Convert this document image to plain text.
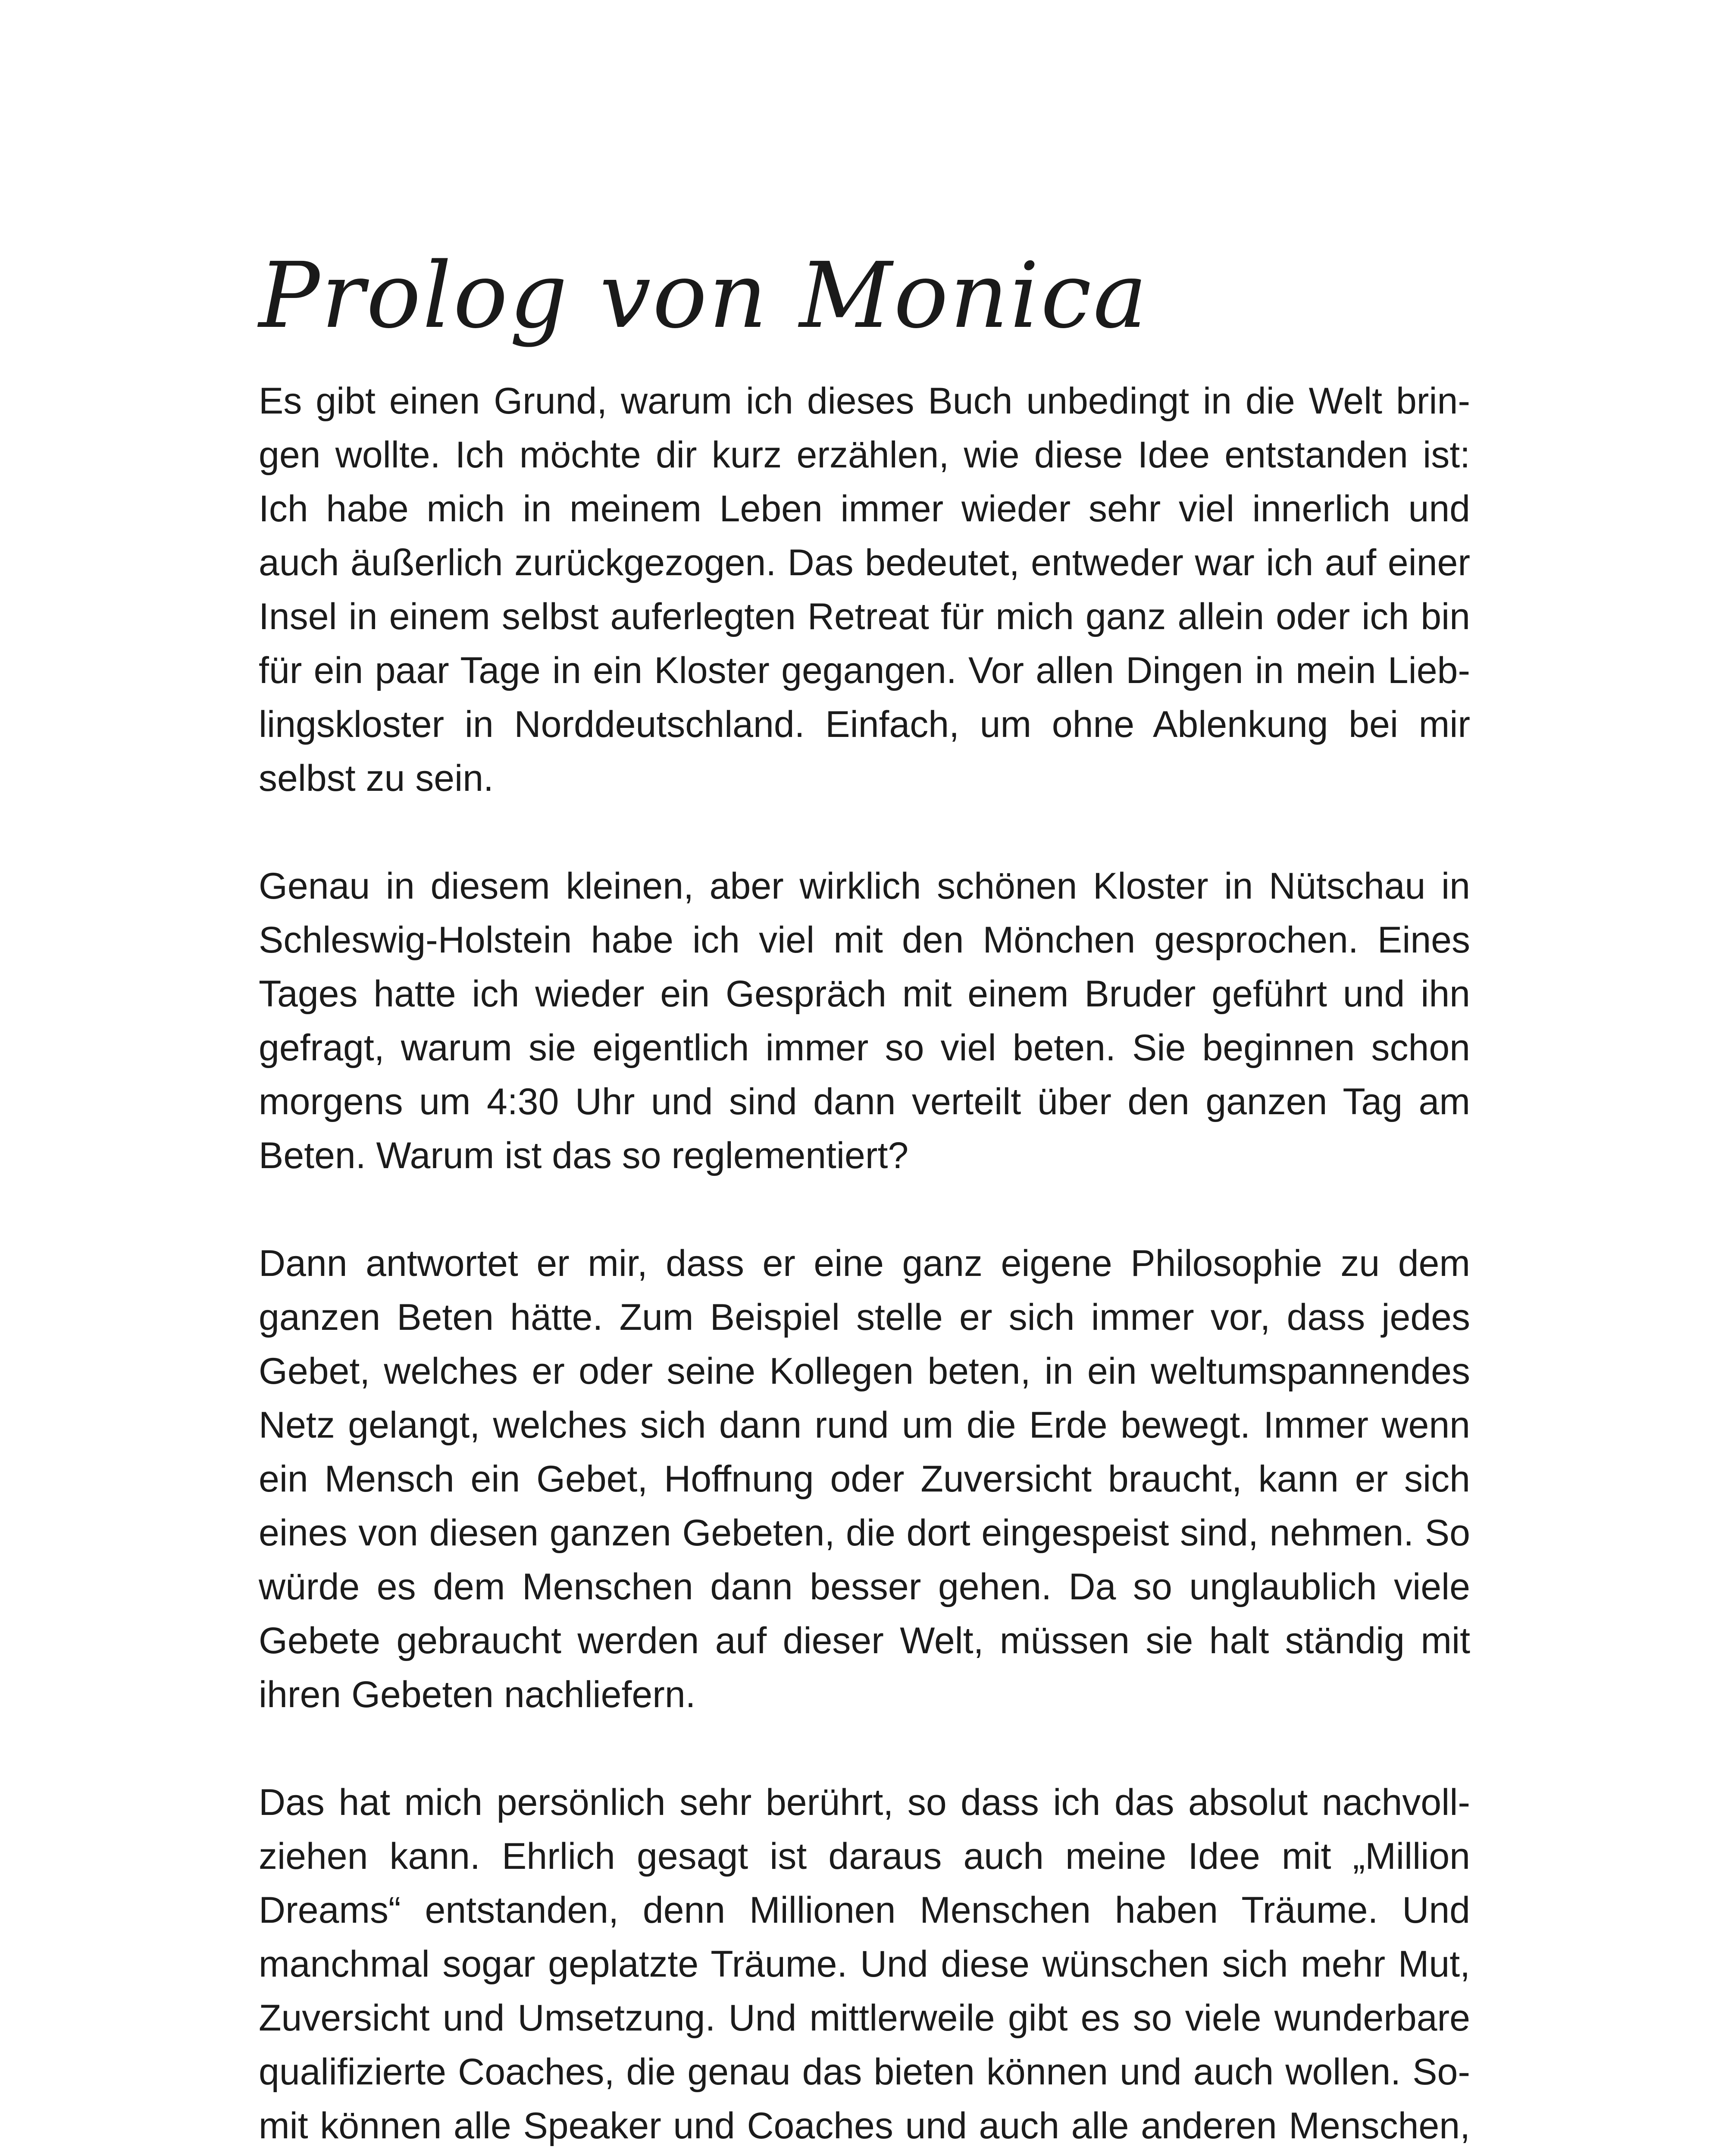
Prolog von Monica

Es gibt einen Grund, warum ich dieses Buch unbedingt in die Welt bringen wollte. Ich möchte dir kurz erzählen, wie diese Idee entstanden ist: Ich habe mich in meinem Leben immer wieder sehr viel innerlich und auch äußerlich zurückgezogen. Das bedeutet, entweder war ich auf einer Insel in einem selbst auferlegten Retreat für mich ganz allein oder ich bin für ein paar Tage in ein Kloster gegangen. Vor allen Dingen in mein Lieblingskloster in Norddeutschland. Einfach, um ohne Ablenkung bei mir selbst zu sein.

Genau in diesem kleinen, aber wirklich schönen Kloster in Nütschau in Schleswig-Holstein habe ich viel mit den Mönchen gesprochen. Eines Tages hatte ich wieder ein Gespräch mit einem Bruder geführt und ihn gefragt, warum sie eigentlich immer so viel beten. Sie beginnen schon morgens um 4:30 Uhr und sind dann verteilt über den ganzen Tag am Beten. Warum ist das so reglementiert?

Dann antwortet er mir, dass er eine ganz eigene Philosophie zu dem ganzen Beten hätte. Zum Beispiel stelle er sich immer vor, dass jedes Gebet, welches er oder seine Kollegen beten, in ein weltumspannendes Netz gelangt, welches sich dann rund um die Erde bewegt. Immer wenn ein Mensch ein Gebet, Hoffnung oder Zuversicht braucht, kann er sich eines von diesen ganzen Gebeten, die dort eingespeist sind, nehmen. So würde es dem Menschen dann besser gehen. Da so unglaublich viele Gebete gebraucht werden auf dieser Welt, müssen sie halt ständig mit ihren Gebeten nachliefern.

Das hat mich persönlich sehr berührt, so dass ich das absolut nachvollziehen kann. Ehrlich gesagt ist daraus auch meine Idee mit „Million Dreams“ entstanden, denn Millionen Menschen haben Träume. Und manchmal sogar geplatzte Träume. Und diese wünschen sich mehr Mut, Zuversicht und Umsetzung. Und mittlerweile gibt es so viele wunderbare qualifizierte Coaches, die genau das bieten können und auch wollen. Somit können alle Speaker und Coaches und auch alle anderen Menschen,
